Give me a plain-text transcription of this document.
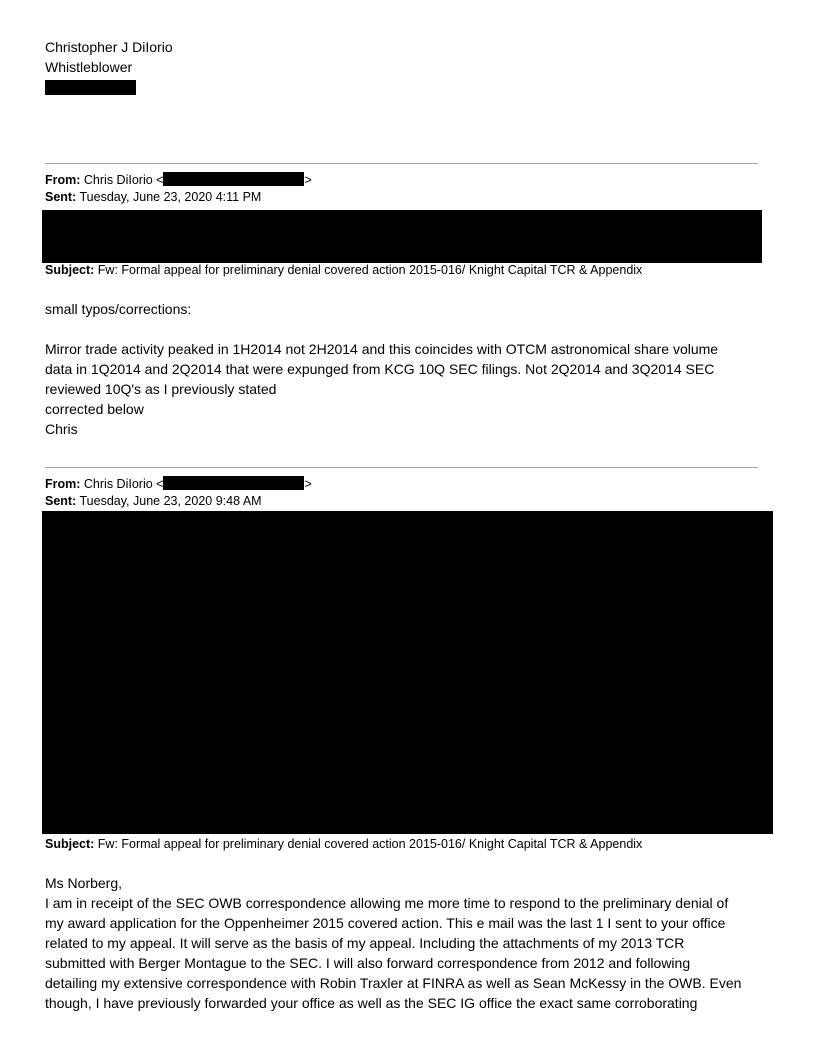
Christopher J DiIorio
Whistleblower
From: Chris DiIorio <	>
Sent: Tuesday, June 23, 2020 4:11 PM
Subject: Fw: Formal appeal for preliminary denial covered action 2015-016/ Knight Capital TCR & Appendix
small typos/corrections:
Mirror trade activity peaked in 1H2014 not 2H2014 and this coincides with OTCM astronomical share volume
data in 1Q2014 and 2Q2014 that were expunged from KCG 10Q SEC filings. Not 2Q2014 and 3Q2014 SEC
reviewed 10Q's as I previously stated
corrected below
Chris
From: Chris DiIorio <	>
Sent: Tuesday, June 23, 2020 9:48 AM
Subject: Fw: Formal appeal for preliminary denial covered action 2015-016/ Knight Capital TCR & Appendix
Ms Norberg,
I am in receipt of the SEC OWB correspondence allowing me more time to respond to the preliminary denial of
my award application for the Oppenheimer 2015 covered action. This e mail was the last 1 I sent to your office
related to my appeal. It will serve as the basis of my appeal. Including the attachments of my 2013 TCR
submitted with Berger Montague to the SEC. I will also forward correspondence from 2012 and following
detailing my extensive correspondence with Robin Traxler at FINRA as well as Sean McKessy in the OWB. Even
though, I have previously forwarded your office as well as the SEC IG office the exact same corroborating
